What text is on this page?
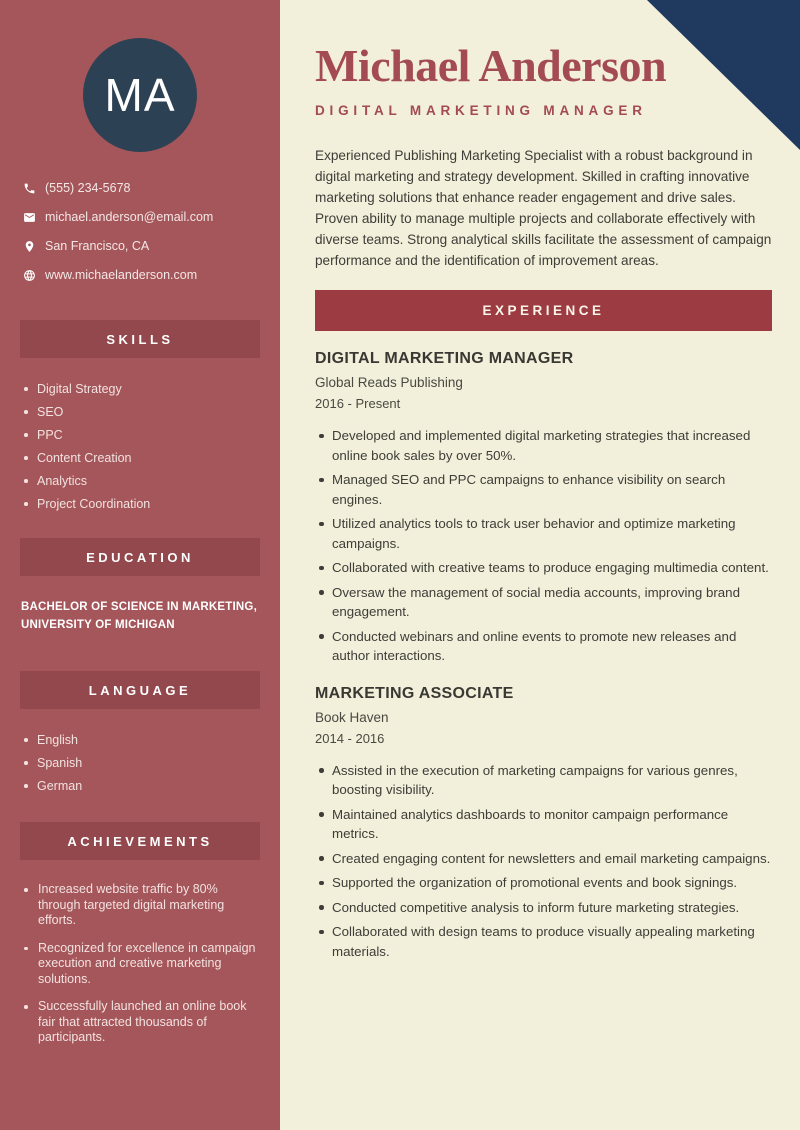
MA
(555) 234-5678
michael.anderson@email.com
San Francisco, CA
www.michaelanderson.com
SKILLS
Digital Strategy
SEO
PPC
Content Creation
Analytics
Project Coordination
EDUCATION
BACHELOR OF SCIENCE IN MARKETING,
UNIVERSITY OF MICHIGAN
LANGUAGE
English
Spanish
German
ACHIEVEMENTS
Increased website traffic by 80% through targeted digital marketing efforts.
Recognized for excellence in campaign execution and creative marketing solutions.
Successfully launched an online book fair that attracted thousands of participants.
Michael Anderson
DIGITAL MARKETING MANAGER

Experienced Publishing Marketing Specialist with a robust background in digital marketing and strategy development. Skilled in crafting innovative marketing solutions that enhance reader engagement and drive sales. Proven ability to manage multiple projects and collaborate effectively with diverse teams. Strong analytical skills facilitate the assessment of campaign performance and the identification of improvement areas.

EXPERIENCE
DIGITAL MARKETING MANAGER
Global Reads Publishing
2016 - Present
Developed and implemented digital marketing strategies that increased online book sales by over 50%.
Managed SEO and PPC campaigns to enhance visibility on search engines.
Utilized analytics tools to track user behavior and optimize marketing campaigns.
Collaborated with creative teams to produce engaging multimedia content.
Oversaw the management of social media accounts, improving brand engagement.
Conducted webinars and online events to promote new releases and author interactions.
MARKETING ASSOCIATE
Book Haven
2014 - 2016
Assisted in the execution of marketing campaigns for various genres, boosting visibility.
Maintained analytics dashboards to monitor campaign performance metrics.
Created engaging content for newsletters and email marketing campaigns.
Supported the organization of promotional events and book signings.
Conducted competitive analysis to inform future marketing strategies.
Collaborated with design teams to produce visually appealing marketing materials.
